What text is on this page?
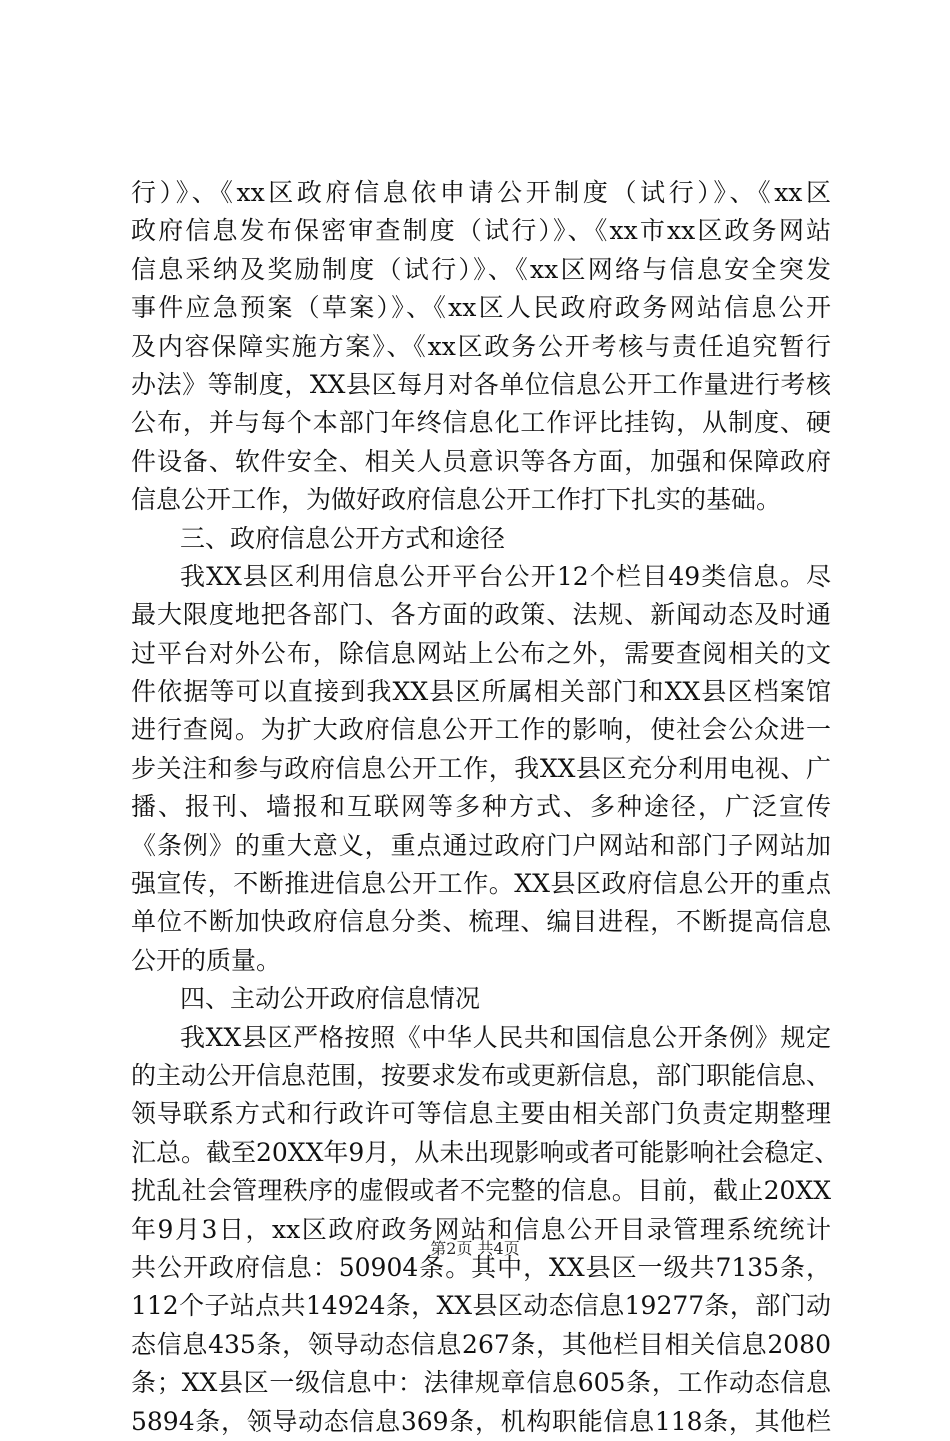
行）》、《xx区政府信息依申请公开制度（试行）》、《xx区
政府信息发布保密审查制度（试行）》、《xx市xx区政务网站
信息采纳及奖励制度（试行）》、《xx区网络与信息安全突发
事件应急预案（草案）》、《xx区人民政府政务网站信息公开
及内容保障实施方案》、《xx区政务公开考核与责任追究暂行
办法》等制度，XX县区每月对各单位信息公开工作量进行考核
公布，并与每个本部门年终信息化工作评比挂钩，从制度、硬
件设备、软件安全、相关人员意识等各方面，加强和保障政府
信息公开工作，为做好政府信息公开工作打下扎实的基础。
三、政府信息公开方式和途径
我XX县区利用信息公开平台公开12个栏目49类信息。尽
最大限度地把各部门、各方面的政策、法规、新闻动态及时通
过平台对外公布，除信息网站上公布之外，需要查阅相关的文
件依据等可以直接到我XX县区所属相关部门和XX县区档案馆
进行查阅。为扩大政府信息公开工作的影响，使社会公众进一
步关注和参与政府信息公开工作，我XX县区充分利用电视、广
播、报刊、墙报和互联网等多种方式、多种途径，广泛宣传
《条例》的重大意义，重点通过政府门户网站和部门子网站加
强宣传，不断推进信息公开工作。XX县区政府信息公开的重点
单位不断加快政府信息分类、梳理、编目进程，不断提高信息
公开的质量。
四、主动公开政府信息情况
我XX县区严格按照《中华人民共和国信息公开条例》规定
的主动公开信息范围，按要求发布或更新信息，部门职能信息、
领导联系方式和行政许可等信息主要由相关部门负责定期整理
汇总。截至20XX年9月，从未出现影响或者可能影响社会稳定、
扰乱社会管理秩序的虚假或者不完整的信息。目前，截止20XX
年9月3日，xx区政府政务网站和信息公开目录管理系统统计
共公开政府信息：50904条。其中，XX县区一级共7135条，
112个子站点共14924条，XX县区动态信息19277条，部门动
态信息435条，领导动态信息267条，其他栏目相关信息2080
条；XX县区一级信息中：法律规章信息605条，工作动态信息
5894条，领导动态信息369条，机构职能信息118条，其他栏
第2页 共4页
